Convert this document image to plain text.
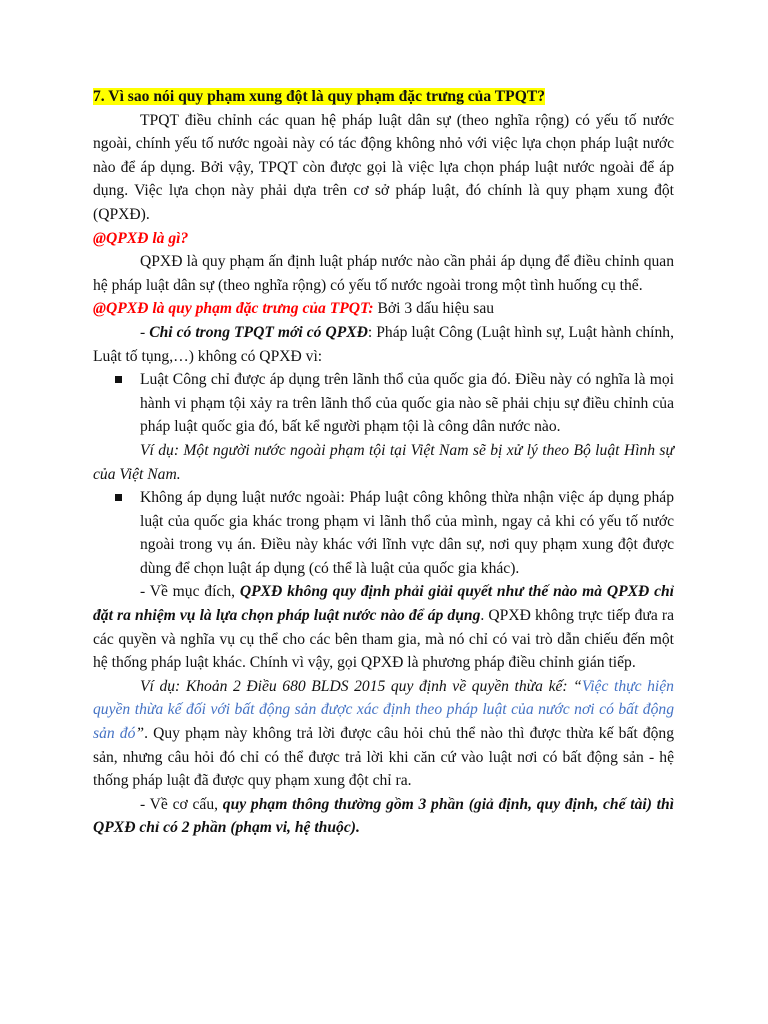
7. Vì sao nói quy phạm xung đột là quy phạm đặc trưng của TPQT?

TPQT điều chỉnh các quan hệ pháp luật dân sự (theo nghĩa rộng) có yếu tố nước ngoài, chính yếu tố nước ngoài này có tác động không nhỏ với việc lựa chọn pháp luật nước nào để áp dụng. Bởi vậy, TPQT còn được gọi là việc lựa chọn pháp luật nước ngoài để áp dụng. Việc lựa chọn này phải dựa trên cơ sở pháp luật, đó chính là quy phạm xung đột (QPXĐ).

@QPXĐ là gì?

QPXĐ là quy phạm ấn định luật pháp nước nào cần phải áp dụng để điều chỉnh quan hệ pháp luật dân sự (theo nghĩa rộng) có yếu tố nước ngoài trong một tình huống cụ thể.

@QPXĐ là quy phạm đặc trưng của TPQT: Bởi 3 dấu hiệu sau

- Chi có trong TPQT mới có QPXĐ: Pháp luật Công (Luật hình sự, Luật hành chính, Luật tố tụng,…) không có QPXĐ vì:

Luật Công chỉ được áp dụng trên lãnh thổ của quốc gia đó. Điều này có nghĩa là mọi hành vi phạm tội xảy ra trên lãnh thổ của quốc gia nào sẽ phải chịu sự điều chỉnh của pháp luật quốc gia đó, bất kể người phạm tội là công dân nước nào.

Ví dụ: Một người nước ngoài phạm tội tại Việt Nam sẽ bị xử lý theo Bộ luật Hình sự của Việt Nam.

Không áp dụng luật nước ngoài: Pháp luật công không thừa nhận việc áp dụng pháp luật của quốc gia khác trong phạm vi lãnh thổ của mình, ngay cả khi có yếu tố nước ngoài trong vụ án. Điều này khác với lĩnh vực dân sự, nơi quy phạm xung đột được dùng để chọn luật áp dụng (có thể là luật của quốc gia khác).

- Về mục đích, QPXĐ không quy định phải giải quyết như thế nào mà QPXĐ chỉ đặt ra nhiệm vụ là lựa chọn pháp luật nước nào để áp dụng. QPXĐ không trực tiếp đưa ra các quyền và nghĩa vụ cụ thể cho các bên tham gia, mà nó chỉ có vai trò dẫn chiếu đến một hệ thống pháp luật khác. Chính vì vậy, gọi QPXĐ là phương pháp điều chỉnh gián tiếp.

Ví dụ: Khoản 2 Điều 680 BLDS 2015 quy định về quyền thừa kế: “Việc thực hiện quyền thừa kế đối với bất động sản được xác định theo pháp luật của nước nơi có bất động sản đó”. Quy phạm này không trả lời được câu hỏi chủ thể nào thì được thừa kế bất động sản, nhưng câu hỏi đó chỉ có thể được trả lời khi căn cứ vào luật nơi có bất động sản - hệ thống pháp luật đã được quy phạm xung đột chỉ ra.

- Về cơ cấu, quy phạm thông thường gồm 3 phần (giả định, quy định, chế tài) thì QPXĐ chỉ có 2 phần (phạm vi, hệ thuộc).
